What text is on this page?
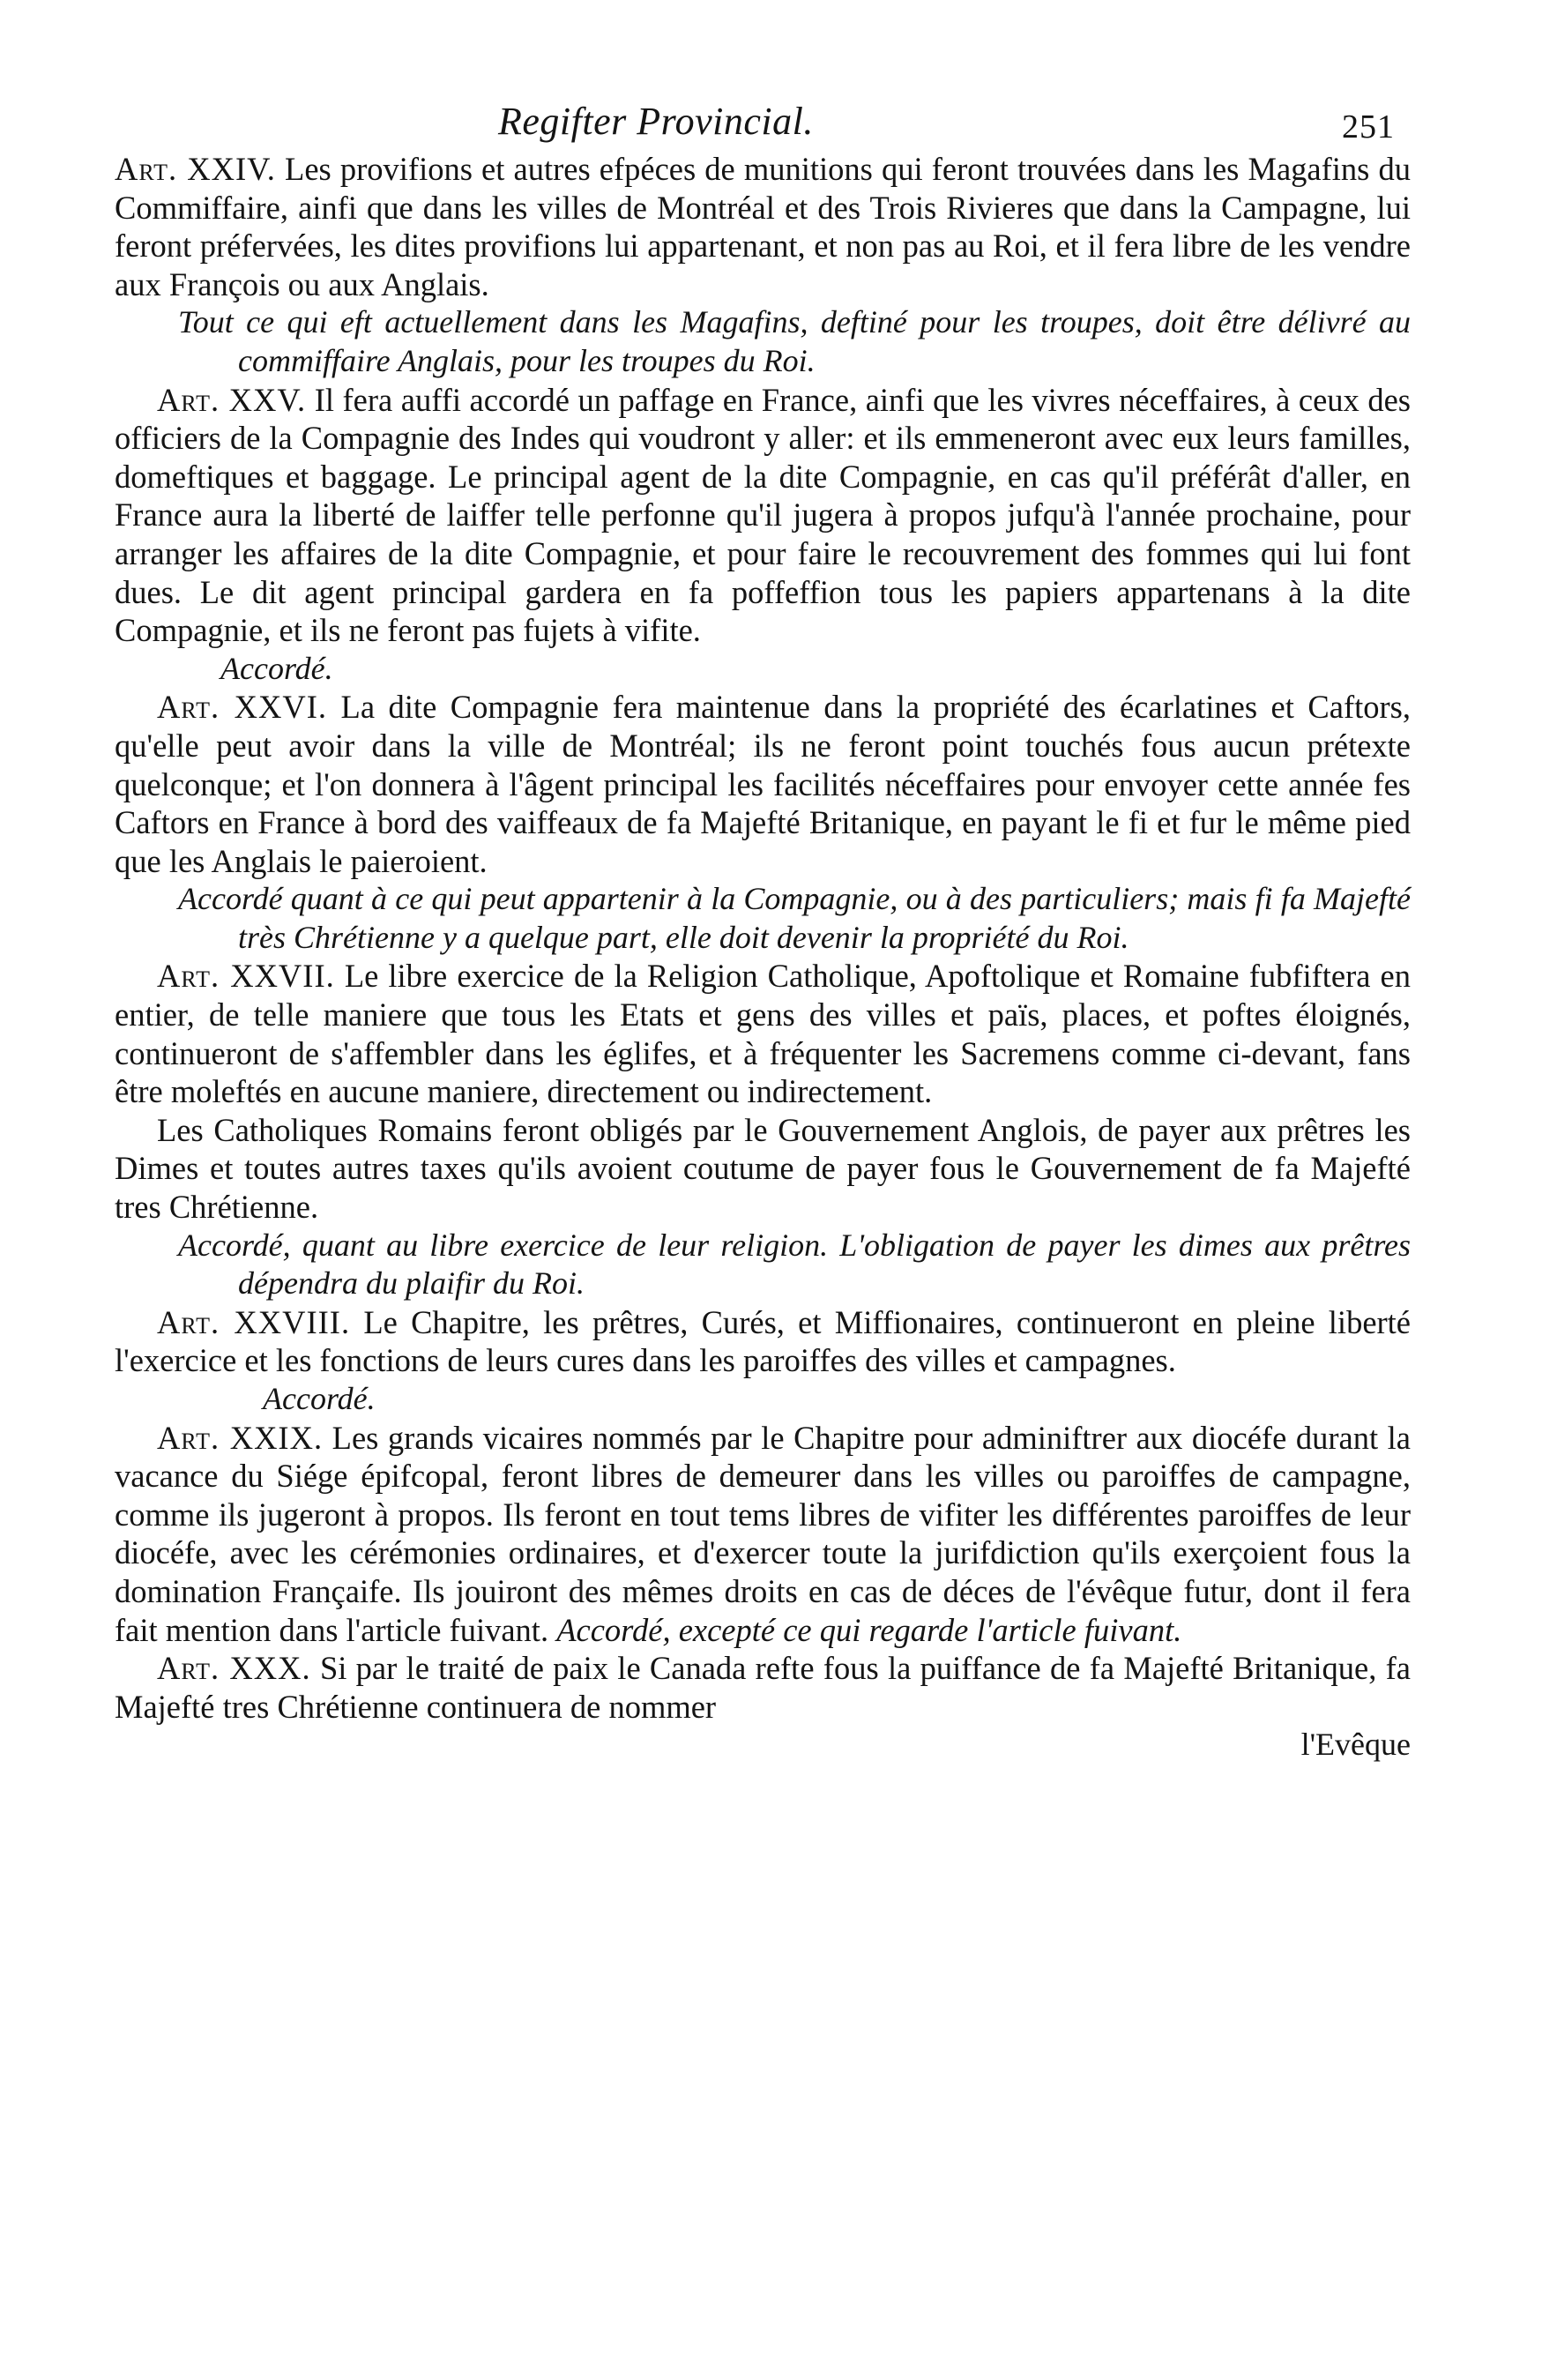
Regifter Provincial.	251

Art. XXIV. Les provifions et autres efpéces de munitions qui feront trouvées dans les Magafins du Commiffaire, ainfi que dans les villes de Montréal et des Trois Rivieres que dans la Campagne, lui feront préfervées, les dites provifions lui appartenant, et non pas au Roi, et il fera libre de les vendre aux François ou aux Anglais.

Tout ce qui eft actuellement dans les Magafins, deftiné pour les troupes, doit être délivré au commiffaire Anglais, pour les troupes du Roi.

Art. XXV. Il fera auffi accordé un paffage en France, ainfi que les vivres néceffaires, à ceux des officiers de la Compagnie des Indes qui voudront y aller: et ils emmeneront avec eux leurs familles, domeftiques et baggage. Le principal agent de la dite Compagnie, en cas qu'il préférât d'aller, en France aura la liberté de laiffer telle perfonne qu'il jugera à propos jufqu'à l'année prochaine, pour arranger les affaires de la dite Compagnie, et pour faire le recouvrement des fommes qui lui font dues. Le dit agent principal gardera en fa poffeffion tous les papiers appartenans à la dite Compagnie, et ils ne feront pas fujets à vifite.

Accordé.

Art. XXVI. La dite Compagnie fera maintenue dans la propriété des écarlatines et Caftors, qu'elle peut avoir dans la ville de Montréal; ils ne feront point touchés fous aucun prétexte quelconque; et l'on donnera à l'âgent principal les facilités néceffaires pour envoyer cette année fes Caftors en France à bord des vaiffeaux de fa Majefté Britanique, en payant le fi et fur le même pied que les Anglais le paieroient.

Accordé quant à ce qui peut appartenir à la Compagnie, ou à des particuliers; mais fi fa Majefté très Chrétienne y a quelque part, elle doit devenir la propriété du Roi.

Art. XXVII. Le libre exercice de la Religion Catholique, Apoftolique et Romaine fubfiftera en entier, de telle maniere que tous les Etats et gens des villes et païs, places, et poftes éloignés, continueront de s'affembler dans les églifes, et à fréquenter les Sacremens comme ci-devant, fans être moleftés en aucune maniere, directement ou indirectement.

Les Catholiques Romains feront obligés par le Gouvernement Anglois, de payer aux prêtres les Dimes et toutes autres taxes qu'ils avoient coutume de payer fous le Gouvernement de fa Majefté tres Chrétienne.

Accordé, quant au libre exercice de leur religion. L'obligation de payer les dimes aux prêtres dépendra du plaifir du Roi.

Art. XXVIII. Le Chapitre, les prêtres, Curés, et Miffionaires, continueront en pleine liberté l'exercice et les fonctions de leurs cures dans les paroiffes des villes et campagnes.

Accordé.

Art. XXIX. Les grands vicaires nommés par le Chapitre pour adminiftrer aux diocéfe durant la vacance du Siége épifcopal, feront libres de demeurer dans les villes ou paroiffes de campagne, comme ils jugeront à propos. Ils feront en tout tems libres de vifiter les différentes paroiffes de leur diocéfe, avec les cérémonies ordinaires, et d'exercer toute la jurifdiction qu'ils exerçoient fous la domination Françaife. Ils jouiront des mêmes droits en cas de déces de l'évêque futur, dont il fera fait mention dans l'article fuivant. Accordé, excepté ce qui regarde l'article fuivant.

Art. XXX. Si par le traité de paix le Canada refte fous la puiffance de fa Majefté Britanique, fa Majefté tres Chrétienne continuera de nommer

l'Evêque
